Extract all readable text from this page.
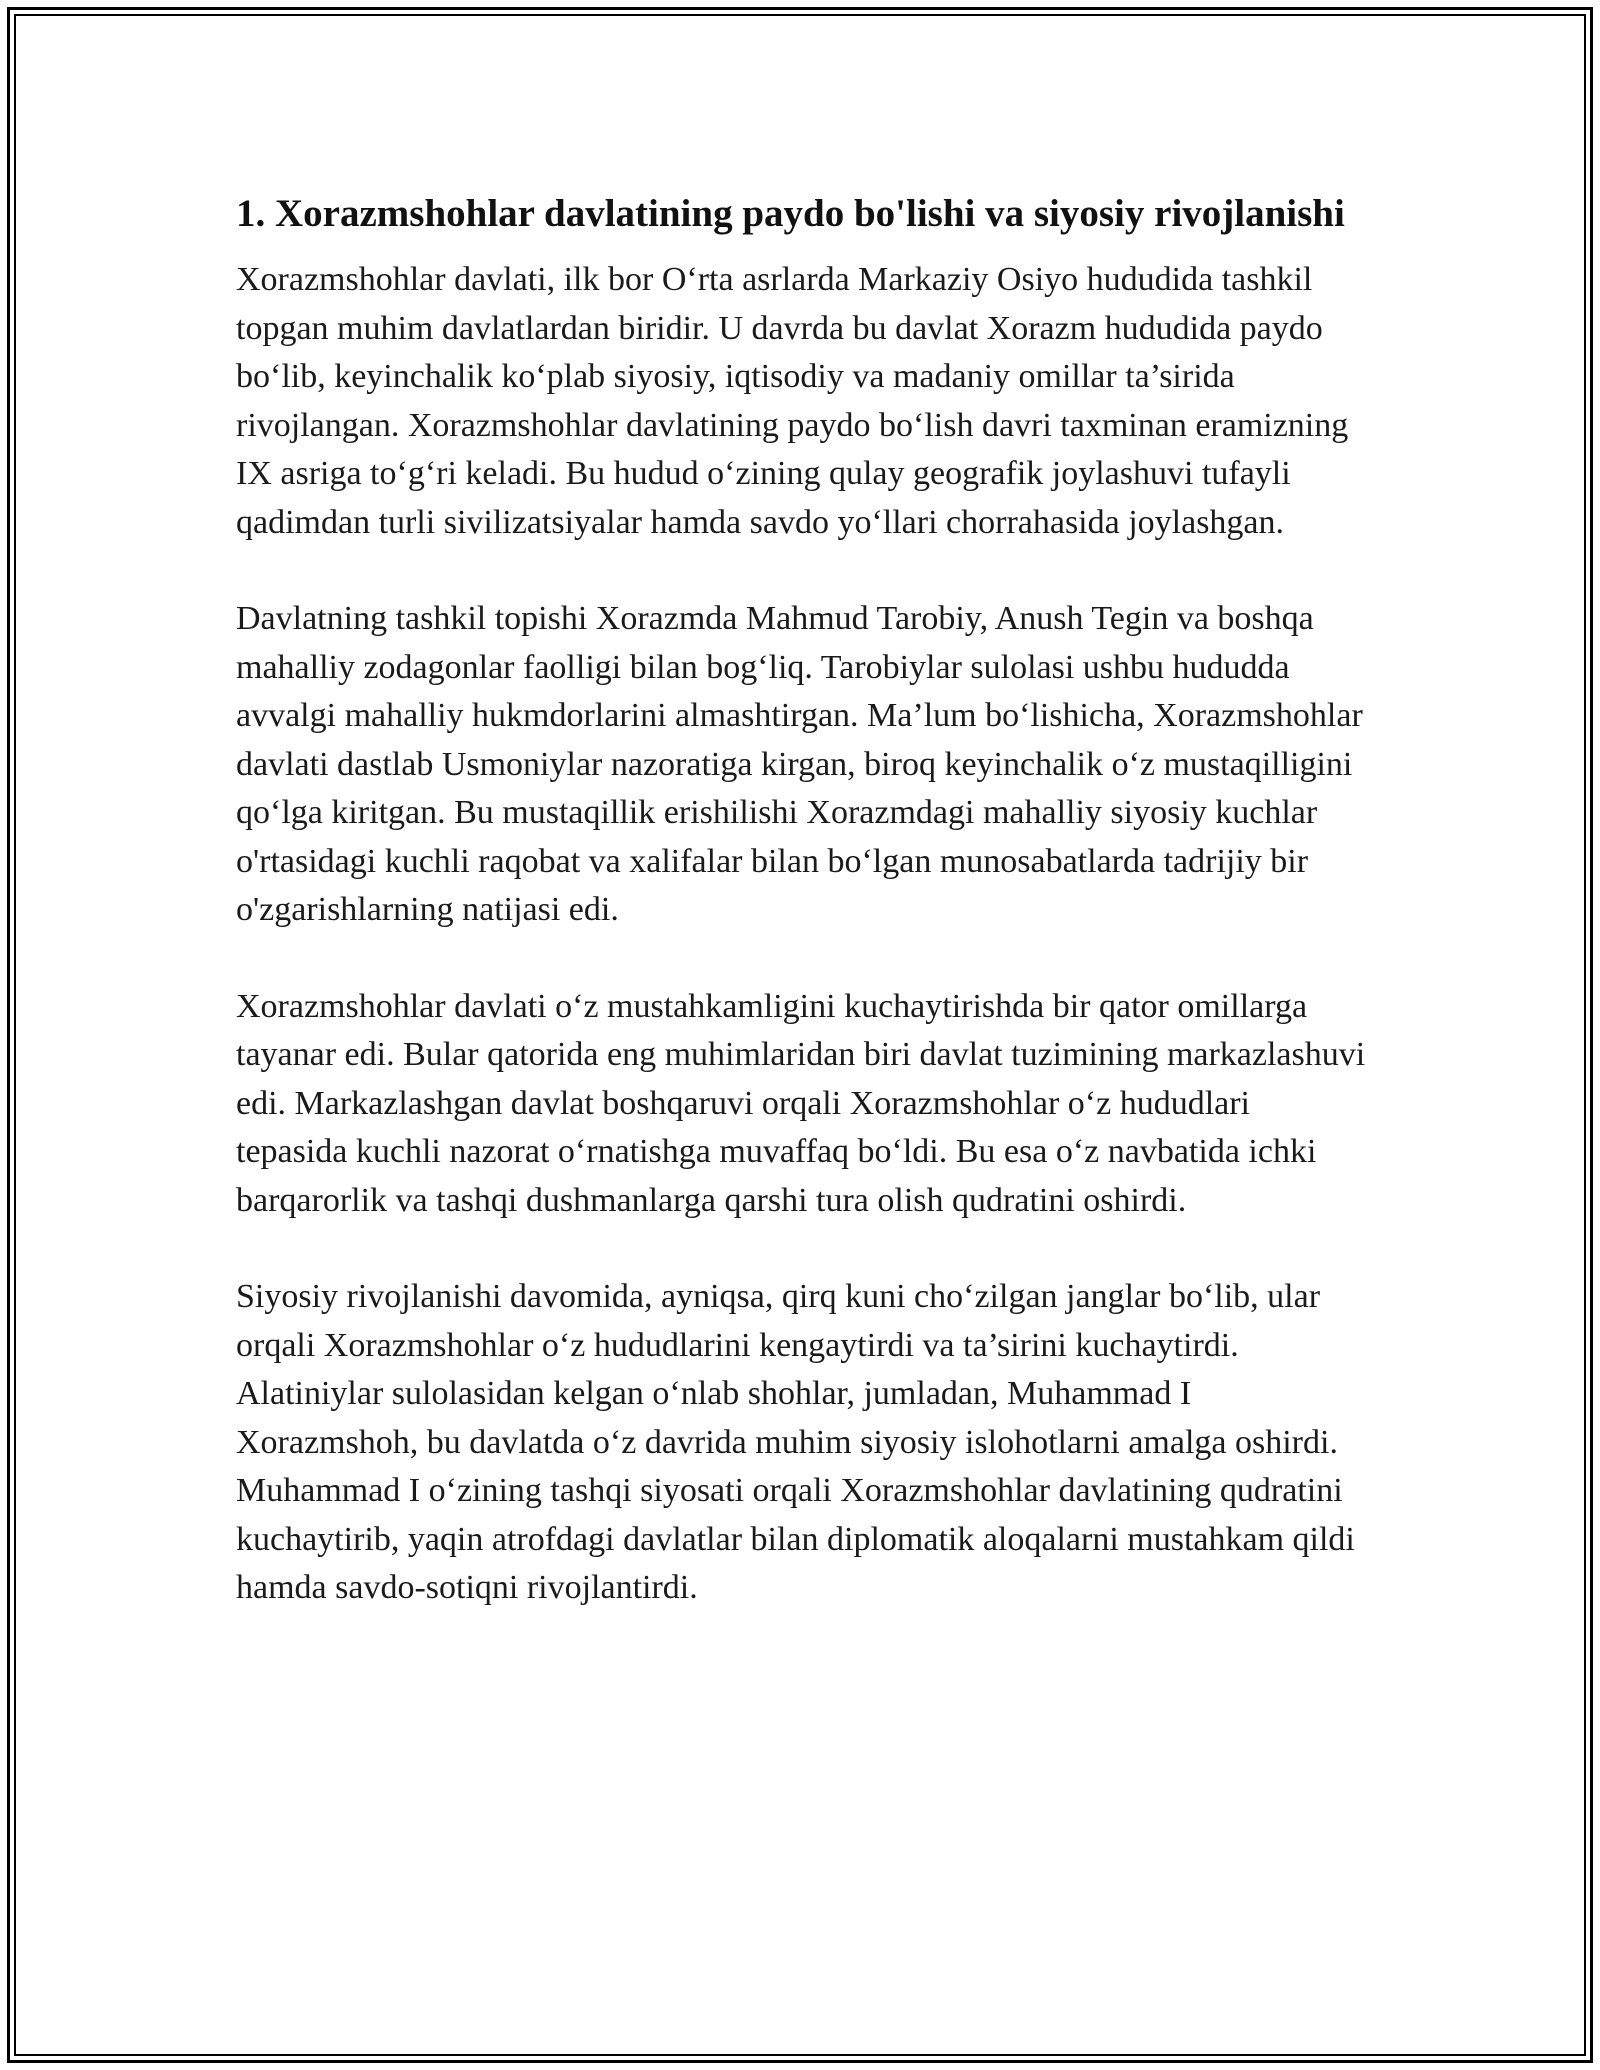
1. Xorazmshohlar davlatining paydo bo'lishi va siyosiy rivojlanishi

Xorazmshohlar davlati, ilk bor O‘rta asrlarda Markaziy Osiyo hududida tashkil topgan muhim davlatlardan biridir. U davrda bu davlat Xorazm hududida paydo bo‘lib, keyinchalik ko‘plab siyosiy, iqtisodiy va madaniy omillar ta’sirida rivojlangan. Xorazmshohlar davlatining paydo bo‘lish davri taxminan eramizning IX asriga to‘g‘ri keladi. Bu hudud o‘zining qulay geografik joylashuvi tufayli qadimdan turli sivilizatsiyalar hamda savdo yo‘llari chorrahasida joylashgan.

Davlatning tashkil topishi Xorazmda Mahmud Tarobiy, Anush Tegin va boshqa mahalliy zodagonlar faolligi bilan bog‘liq. Tarobiylar sulolasi ushbu hududda avvalgi mahalliy hukmdorlarini almashtirgan. Ma’lum bo‘lishicha, Xorazmshohlar davlati dastlab Usmoniylar nazoratiga kirgan, biroq keyinchalik o‘z mustaqilligini qo‘lga kiritgan. Bu mustaqillik erishilishi Xorazmdagi mahalliy siyosiy kuchlar o'rtasidagi kuchli raqobat va xalifalar bilan bo‘lgan munosabatlarda tadrijiy bir o'zgarishlarning natijasi edi.

Xorazmshohlar davlati o‘z mustahkamligini kuchaytirishda bir qator omillarga tayanar edi. Bular qatorida eng muhimlaridan biri davlat tuzimining markazlashuvi edi. Markazlashgan davlat boshqaruvi orqali Xorazmshohlar o‘z hududlari tepasida kuchli nazorat o‘rnatishga muvaffaq bo‘ldi. Bu esa o‘z navbatida ichki barqarorlik va tashqi dushmanlarga qarshi tura olish qudratini oshirdi.

Siyosiy rivojlanishi davomida, ayniqsa, qirq kuni cho‘zilgan janglar bo‘lib, ular orqali Xorazmshohlar o‘z hududlarini kengaytirdi va ta’sirini kuchaytirdi. Alatiniylar sulolasidan kelgan o‘nlab shohlar, jumladan, Muhammad I Xorazmshoh, bu davlatda o‘z davrida muhim siyosiy islohotlarni amalga oshirdi. Muhammad I o‘zining tashqi siyosati orqali Xorazmshohlar davlatining qudratini kuchaytirib, yaqin atrofdagi davlatlar bilan diplomatik aloqalarni mustahkam qildi hamda savdo-sotiqni rivojlantirdi.
